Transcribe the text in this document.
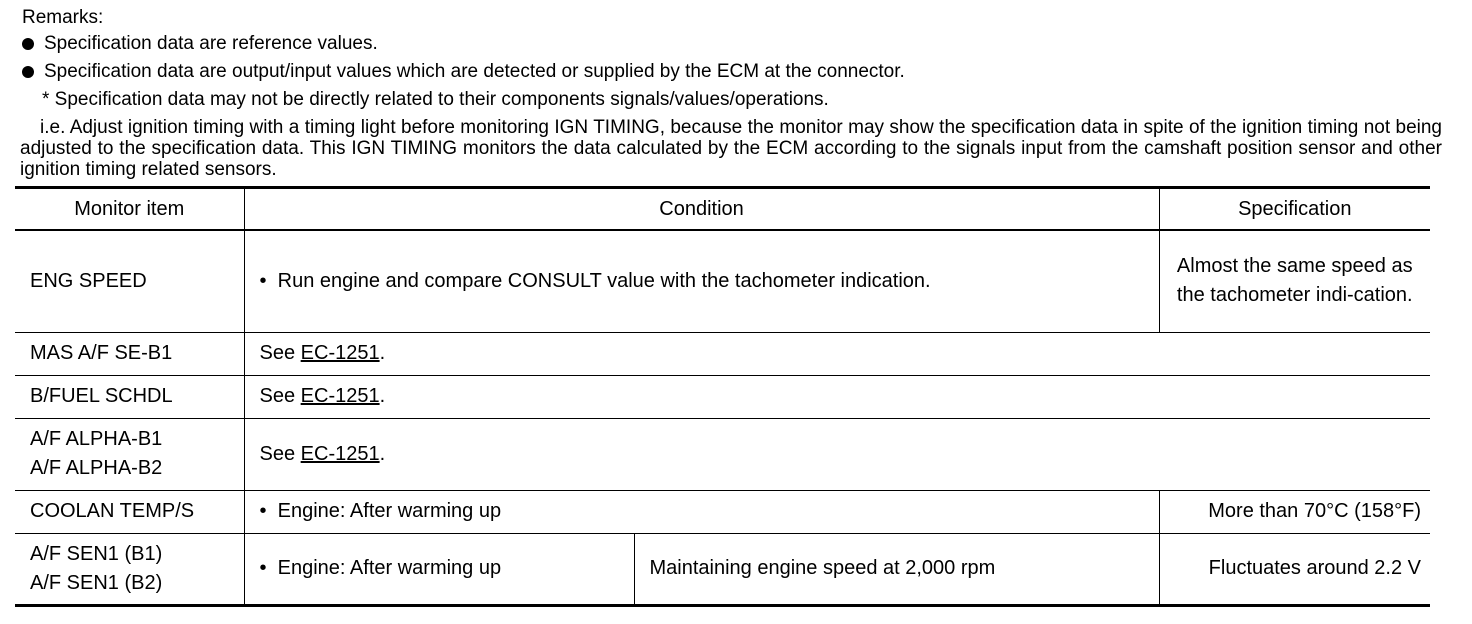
Remarks:
Specification data are reference values.
Specification data are output/input values which are detected or supplied by the ECM at the connector.
* Specification data may not be directly related to their components signals/values/operations.
i.e. Adjust ignition timing with a timing light before monitoring IGN TIMING, because the monitor may show the specification data in spite of the ignition timing not being adjusted to the specification data. This IGN TIMING monitors the data calculated by the ECM according to the signals input from the camshaft position sensor and other ignition timing related sensors.
Monitor item	Condition		Specification
ENG SPEED	• Run engine and compare CONSULT value with the tachometer indication.		Almost the same speed as the tachometer indi-cation.
MAS A/F SE-B1	See EC-1251.		
B/FUEL SCHDL	See EC-1251.		

A/F ALPHA-B1
A/F ALPHA-B2	See EC-1251.		
COOLAN TEMP/S	• Engine: After warming up		More than 70°C (158°F)

A/F SEN1 (B1)
A/F SEN1 (B2)	• Engine: After warming up	Maintaining engine speed at 2,000 rpm	Fluctuates around 2.2 V
